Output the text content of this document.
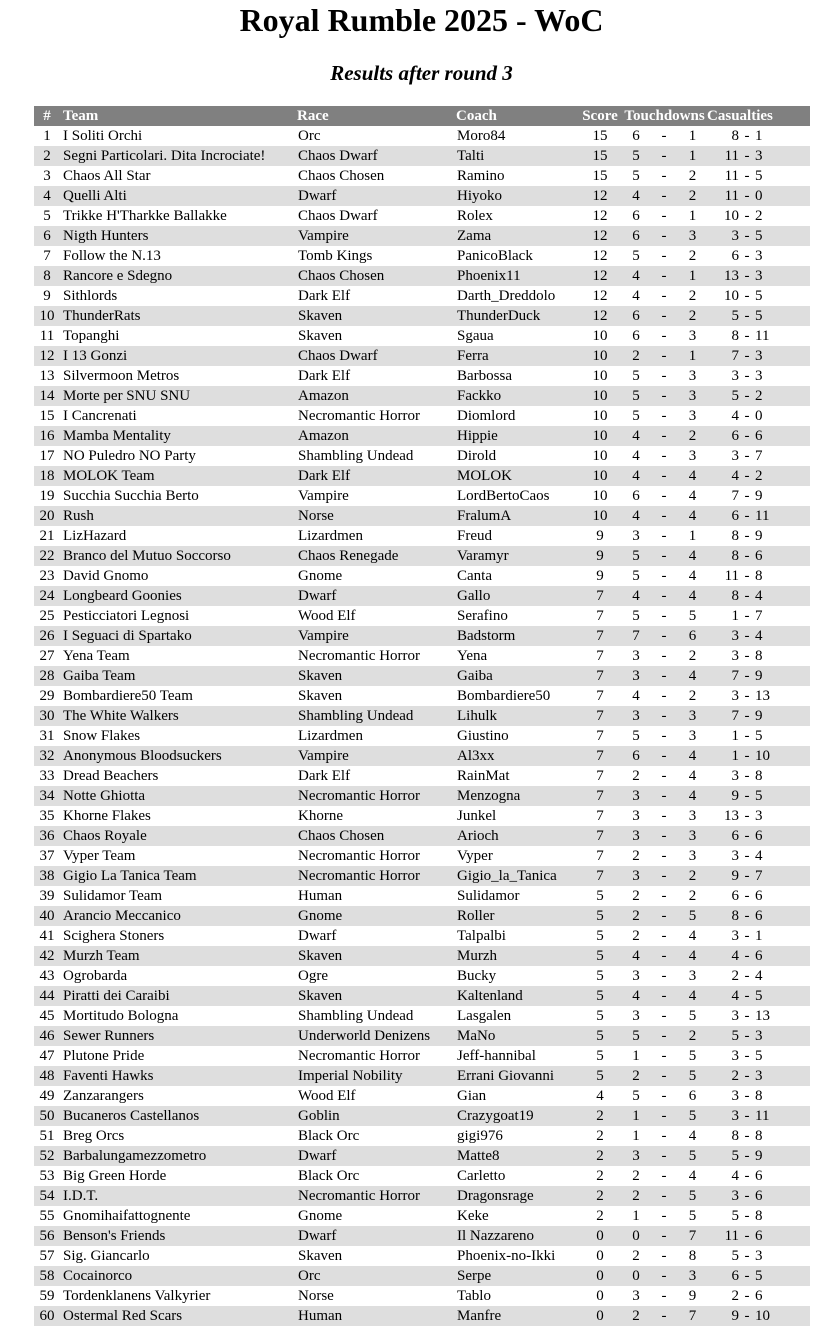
Royal Rumble 2025 - WoC
Results after round 3
#	Team	Race	Coach	Score	Touchdowns			Casualties		
1	I Soliti Orchi	Orc	Moro84	15	6	-	1	8	-	1
2	Segni Particolari. Dita Incrociate!	Chaos Dwarf	Talti	15	5	-	1	11	-	3
3	Chaos All Star	Chaos Chosen	Ramino	15	5	-	2	11	-	5
4	Quelli Alti	Dwarf	Hiyoko	12	4	-	2	11	-	0
5	Trikke H'Tharkke Ballakke	Chaos Dwarf	Rolex	12	6	-	1	10	-	2
6	Nigth Hunters	Vampire	Zama	12	6	-	3	3	-	5
7	Follow the N.13	Tomb Kings	PanicoBlack	12	5	-	2	6	-	3
8	Rancore e Sdegno	Chaos Chosen	Phoenix11	12	4	-	1	13	-	3
9	Sithlords	Dark Elf	Darth_Dreddolo	12	4	-	2	10	-	5
10	ThunderRats	Skaven	ThunderDuck	12	6	-	2	5	-	5
11	Topanghi	Skaven	Sgaua	10	6	-	3	8	-	11
12	I 13 Gonzi	Chaos Dwarf	Ferra	10	2	-	1	7	-	3
13	Silvermoon Metros	Dark Elf	Barbossa	10	5	-	3	3	-	3
14	Morte per SNU SNU	Amazon	Fackko	10	5	-	3	5	-	2
15	I Cancrenati	Necromantic Horror	Diomlord	10	5	-	3	4	-	0
16	Mamba Mentality	Amazon	Hippie	10	4	-	2	6	-	6
17	NO Puledro NO Party	Shambling Undead	Dirold	10	4	-	3	3	-	7
18	MOLOK Team	Dark Elf	MOLOK	10	4	-	4	4	-	2
19	Succhia Succhia Berto	Vampire	LordBertoCaos	10	6	-	4	7	-	9
20	Rush	Norse	FralumA	10	4	-	4	6	-	11
21	LizHazard	Lizardmen	Freud	9	3	-	1	8	-	9
22	Branco del Mutuo Soccorso	Chaos Renegade	Varamyr	9	5	-	4	8	-	6
23	David Gnomo	Gnome	Canta	9	5	-	4	11	-	8
24	Longbeard Goonies	Dwarf	Gallo	7	4	-	4	8	-	4
25	Pesticciatori Legnosi	Wood Elf	Serafino	7	5	-	5	1	-	7
26	I Seguaci di Spartako	Vampire	Badstorm	7	7	-	6	3	-	4
27	Yena Team	Necromantic Horror	Yena	7	3	-	2	3	-	8
28	Gaiba Team	Skaven	Gaiba	7	3	-	4	7	-	9
29	Bombardiere50 Team	Skaven	Bombardiere50	7	4	-	2	3	-	13
30	The White Walkers	Shambling Undead	Lihulk	7	3	-	3	7	-	9
31	Snow Flakes	Lizardmen	Giustino	7	5	-	3	1	-	5
32	Anonymous Bloodsuckers	Vampire	Al3xx	7	6	-	4	1	-	10
33	Dread Beachers	Dark Elf	RainMat	7	2	-	4	3	-	8
34	Notte Ghiotta	Necromantic Horror	Menzogna	7	3	-	4	9	-	5
35	Khorne Flakes	Khorne	Junkel	7	3	-	3	13	-	3
36	Chaos Royale	Chaos Chosen	Arioch	7	3	-	3	6	-	6
37	Vyper Team	Necromantic Horror	Vyper	7	2	-	3	3	-	4
38	Gigio La Tanica Team	Necromantic Horror	Gigio_la_Tanica	7	3	-	2	9	-	7
39	Sulidamor Team	Human	Sulidamor	5	2	-	2	6	-	6
40	Arancio Meccanico	Gnome	Roller	5	2	-	5	8	-	6
41	Scighera Stoners	Dwarf	Talpalbi	5	2	-	4	3	-	1
42	Murzh Team	Skaven	Murzh	5	4	-	4	4	-	6
43	Ogrobarda	Ogre	Bucky	5	3	-	3	2	-	4
44	Piratti dei Caraibi	Skaven	Kaltenland	5	4	-	4	4	-	5
45	Mortitudo Bologna	Shambling Undead	Lasgalen	5	3	-	5	3	-	13
46	Sewer Runners	Underworld Denizens	MaNo	5	5	-	2	5	-	3
47	Plutone Pride	Necromantic Horror	Jeff-hannibal	5	1	-	5	3	-	5
48	Faventi Hawks	Imperial Nobility	Errani Giovanni	5	2	-	5	2	-	3
49	Zanzarangers	Wood Elf	Gian	4	5	-	6	3	-	8
50	Bucaneros Castellanos	Goblin	Crazygoat19	2	1	-	5	3	-	11
51	Breg Orcs	Black Orc	gigi976	2	1	-	4	8	-	8
52	Barbalungamezzometro	Dwarf	Matte8	2	3	-	5	5	-	9
53	Big Green Horde	Black Orc	Carletto	2	2	-	4	4	-	6
54	I.D.T.	Necromantic Horror	Dragonsrage	2	2	-	5	3	-	6
55	Gnomihaifattognente	Gnome	Keke	2	1	-	5	5	-	8
56	Benson's Friends	Dwarf	Il Nazzareno	0	0	-	7	11	-	6
57	Sig. Giancarlo	Skaven	Phoenix-no-Ikki	0	2	-	8	5	-	3
58	Cocainorco	Orc	Serpe	0	0	-	3	6	-	5
59	Tordenklanens Valkyrier	Norse	Tablo	0	3	-	9	2	-	6
60	Ostermal Red Scars	Human	Manfre	0	2	-	7	9	-	10
